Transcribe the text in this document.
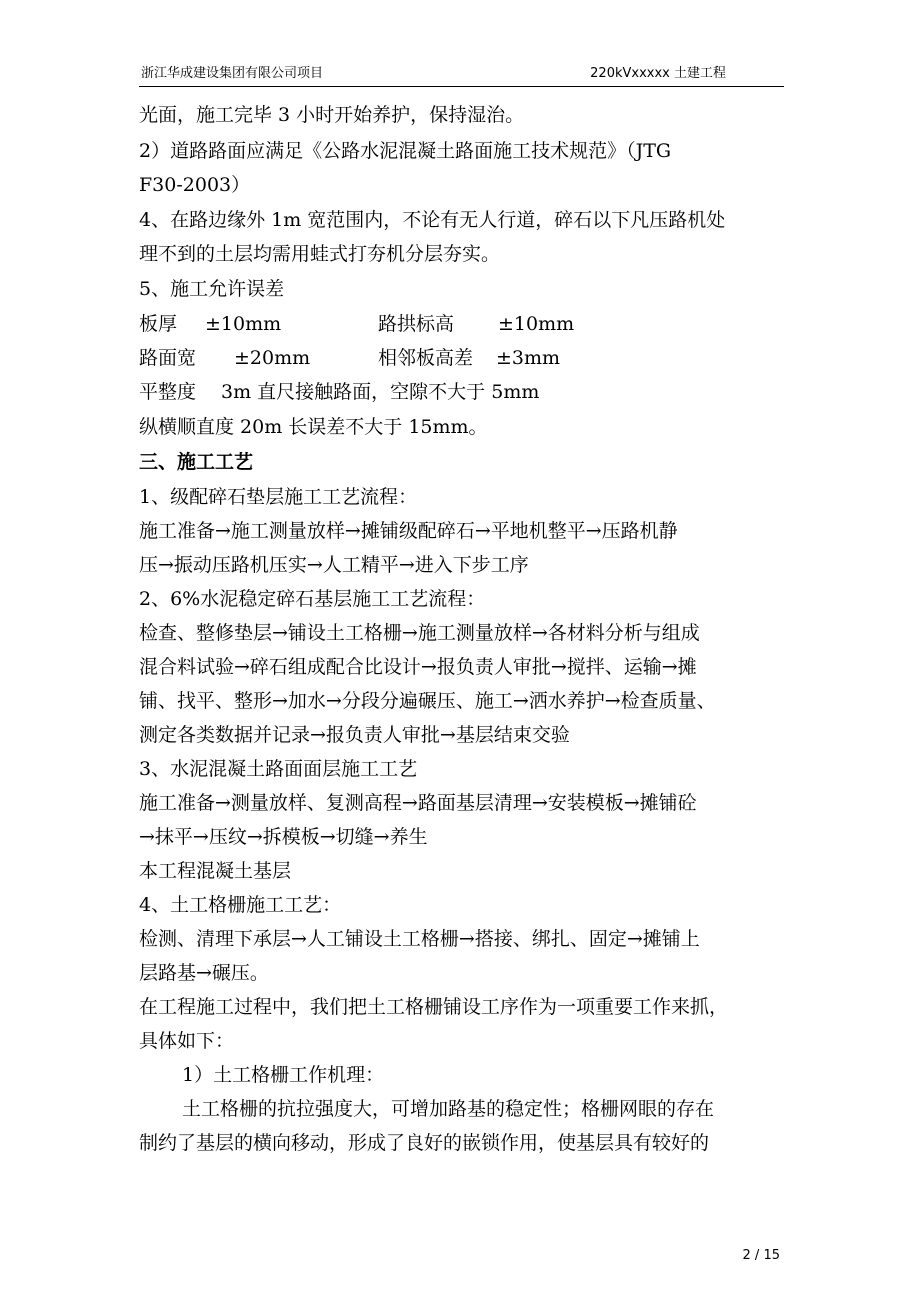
浙江华成建设集团有限公司项目	220kVxxxxx 土建工程
光面，施工完毕 3 小时开始养护，保持湿治。
2）道路路面应满足《公路水泥混凝土路面施工技术规范》（JTG
F30-2003）
4、在路边缘外 1m 宽范围内，不论有无人行道，碎石以下凡压路机处
理不到的土层均需用蛙式打夯机分层夯实。
5、施工允许误差
板厚 ±10mm	路拱标高 ±10mm
路面宽 ±20mm	相邻板高差 ±3mm
平整度　 3m 直尺接触路面，空隙不大于 5mm
纵横顺直度 20m 长误差不大于 15mm。
三、施工工艺
1、级配碎石垫层施工工艺流程：
施工准备→施工测量放样→摊铺级配碎石→平地机整平→压路机静
压→振动压路机压实→人工精平→进入下步工序
2、6%水泥稳定碎石基层施工工艺流程：
检查、整修垫层→铺设土工格栅→施工测量放样→各材料分析与组成
混合料试验→碎石组成配合比设计→报负责人审批→搅拌、运输→摊
铺、找平、整形→加水→分段分遍碾压、施工→洒水养护→检查质量、
测定各类数据并记录→报负责人审批→基层结束交验
3、水泥混凝土路面面层施工工艺
施工准备→测量放样、复测高程→路面基层清理→安装模板→摊铺砼
→抹平→压纹→拆模板→切缝→养生
本工程混凝土基层
4、土工格栅施工工艺：
检测、清理下承层→人工铺设土工格栅→搭接、绑扎、固定→摊铺上
层路基→碾压。
在工程施工过程中，我们把土工格栅铺设工序作为一项重要工作来抓，
具体如下：
1）土工格栅工作机理：
土工格栅的抗拉强度大，可增加路基的稳定性；格栅网眼的存在
制约了基层的横向移动，形成了良好的嵌锁作用，使基层具有较好的
2 / 15
